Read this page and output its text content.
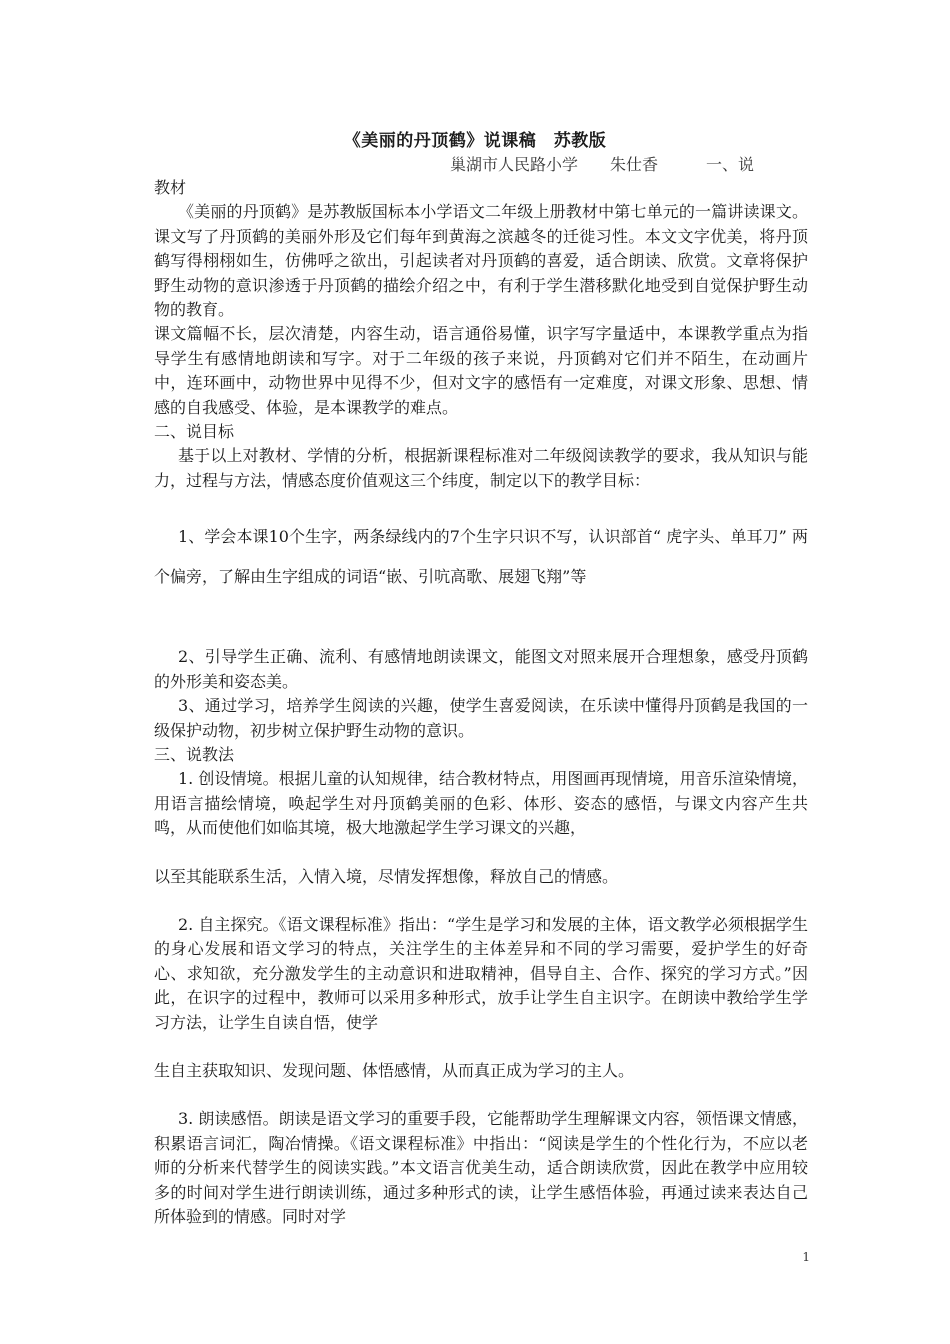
《美丽的丹顶鹤》说课稿　苏教版
巢湖市人民路小学　　朱仕香　　　一、说

教材

《美丽的丹顶鹤》是苏教版国标本小学语文二年级上册教材中第七单元的一篇讲读课文。课文写了丹顶鹤的美丽外形及它们每年到黄海之滨越冬的迁徙习性。本文文字优美，将丹顶鹤写得栩栩如生，仿佛呼之欲出，引起读者对丹顶鹤的喜爱，适合朗读、欣赏。文章将保护野生动物的意识渗透于丹顶鹤的描绘介绍之中，有利于学生潜移默化地受到自觉保护野生动物的教育。

课文篇幅不长，层次清楚，内容生动，语言通俗易懂，识字写字量适中，本课教学重点为指导学生有感情地朗读和写字。对于二年级的孩子来说，丹顶鹤对它们并不陌生，在动画片中，连环画中，动物世界中见得不少，但对文字的感悟有一定难度，对课文形象、思想、情感的自我感受、体验，是本课教学的难点。

二、说目标

基于以上对教材、学情的分析，根据新课程标准对二年级阅读教学的要求，我从知识与能力，过程与方法，情感态度价值观这三个纬度，制定以下的教学目标：

1、学会本课10个生字，两条绿线内的7个生字只识不写，认识部首“ 虎字头、单耳刀” 两个偏旁，了解由生字组成的词语“嵌、引吭高歌、展翅飞翔”等

2、引导学生正确、流利、有感情地朗读课文，能图文对照来展开合理想象，感受丹顶鹤的外形美和姿态美。

3、通过学习，培养学生阅读的兴趣，使学生喜爱阅读，在乐读中懂得丹顶鹤是我国的一级保护动物，初步树立保护野生动物的意识。

三、说教法

1. 创设情境。根据儿童的认知规律，结合教材特点，用图画再现情境，用音乐渲染情境，用语言描绘情境，唤起学生对丹顶鹤美丽的色彩、体形、姿态的感悟，与课文内容产生共鸣，从而使他们如临其境，极大地激起学生学习课文的兴趣，

以至其能联系生活，入情入境，尽情发挥想像，释放自己的情感。

2. 自主探究。《语文课程标准》指出：“学生是学习和发展的主体，语文教学必须根据学生的身心发展和语文学习的特点，关注学生的主体差异和不同的学习需要，爱护学生的好奇心、求知欲，充分激发学生的主动意识和进取精神，倡导自主、合作、探究的学习方式。”因此，在识字的过程中，教师可以采用多种形式，放手让学生自主识字。在朗读中教给学生学习方法，让学生自读自悟，使学

生自主获取知识、发现问题、体悟感情，从而真正成为学习的主人。

3. 朗读感悟。朗读是语文学习的重要手段，它能帮助学生理解课文内容，领悟课文情感，积累语言词汇，陶冶情操。《语文课程标准》中指出：“阅读是学生的个性化行为，不应以老师的分析来代替学生的阅读实践。”本文语言优美生动，适合朗读欣赏，因此在教学中应用较多的时间对学生进行朗读训练，通过多种形式的读，让学生感悟体验，再通过读来表达自己所体验到的情感。同时对学

1
